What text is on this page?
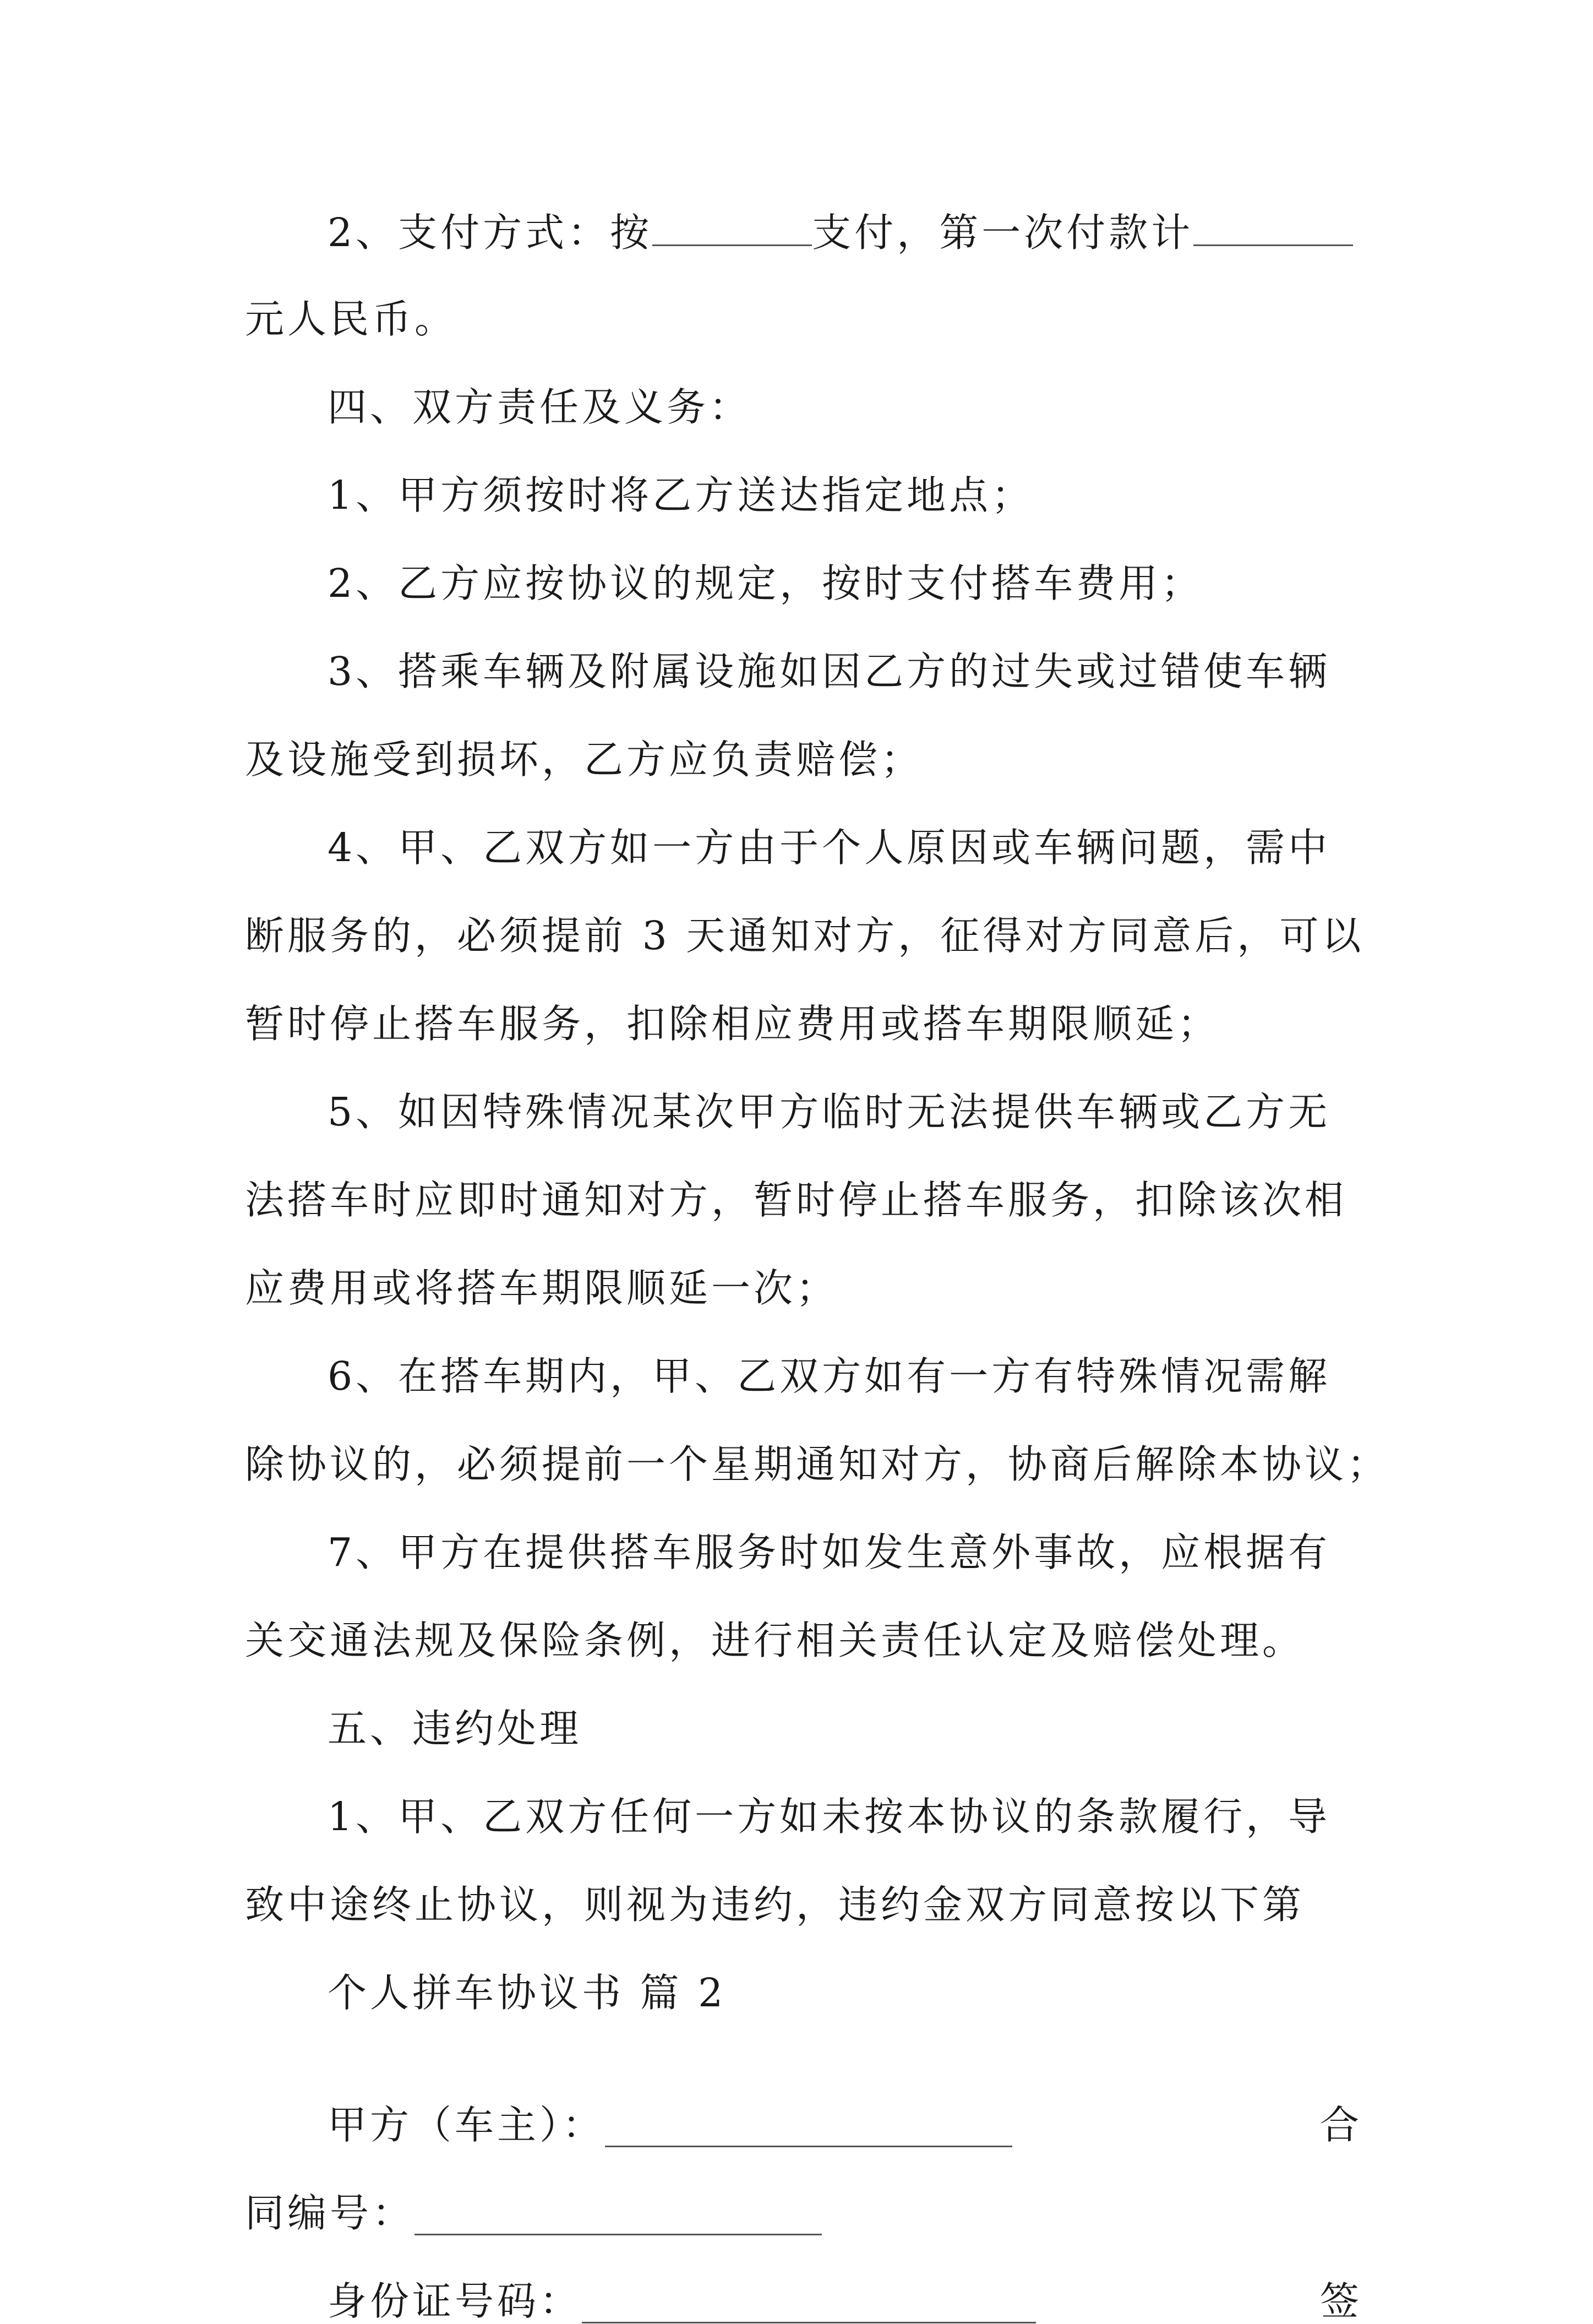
2、支付方式：按	支付，第一次付款计
元人民币。
四、双方责任及义务：
1、甲方须按时将乙方送达指定地点；
2、乙方应按协议的规定，按时支付搭车费用；
3、搭乘车辆及附属设施如因乙方的过失或过错使车辆
及设施受到损坏，乙方应负责赔偿；
4、甲、乙双方如一方由于个人原因或车辆问题，需中
断服务的，必须提前 3 天通知对方，征得对方同意后，可以
暂时停止搭车服务，扣除相应费用或搭车期限顺延；
5、如因特殊情况某次甲方临时无法提供车辆或乙方无
法搭车时应即时通知对方，暂时停止搭车服务，扣除该次相
应费用或将搭车期限顺延一次；
6、在搭车期内，甲、乙双方如有一方有特殊情况需解
除协议的，必须提前一个星期通知对方，协商后解除本协议；
7、甲方在提供搭车服务时如发生意外事故，应根据有
关交通法规及保险条例，进行相关责任认定及赔偿处理。
五、违约处理
1、甲、乙双方任何一方如未按本协议的条款履行，导
致中途终止协议，则视为违约，违约金双方同意按以下第
个人拼车协议书 篇 2
甲方（车主）：	合
同编号：
身份证号码：	签
